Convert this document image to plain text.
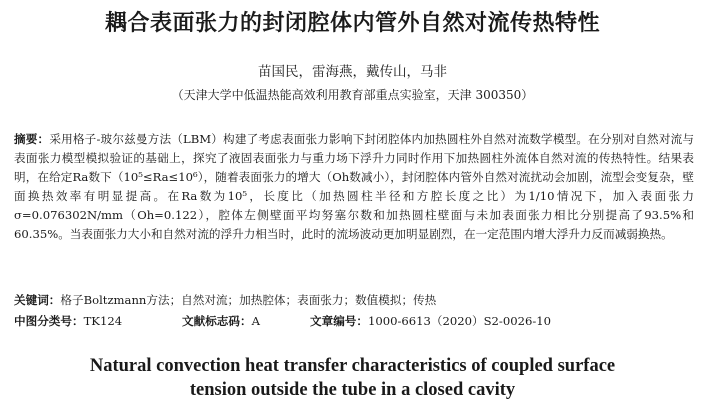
耦合表面张力的封闭腔体内管外自然对流传热特性
苗国民，雷海燕，戴传山，马非
（天津大学中低温热能高效利用教育部重点实验室，天津 300350）
摘要：采用格子-玻尔兹曼方法（LBM）构建了考虑表面张力影响下封闭腔体内加热圆柱外自然对流数学模型。在分别对自然对流与表面张力模型模拟验证的基础上，探究了液固表面张力与重力场下浮升力同时作用下加热圆柱外流体自然对流的传热特性。结果表明，在给定Ra数下（10⁵≤Ra≤10⁶），随着表面张力的增大（Oh数减小），封闭腔体内管外自然对流扰动会加剧，流型会变复杂，壁面换热效率有明显提高。在Ra数为10⁵，长度比（加热圆柱半径和方腔长度之比）为1/10情况下，加入表面张力σ=0.076302N/mm（Oh=0.122），腔体左侧壁面平均努塞尔数和加热圆柱壁面与未加表面张力相比分别提高了93.5%和60.35%。当表面张力大小和自然对流的浮升力相当时，此时的流场波动更加明显剧烈，在一定范围内增大浮升力反而减弱换热。
关键词：格子Boltzmann方法；自然对流；加热腔体；表面张力；数值模拟；传热
中图分类号：TK124	文献标志码：A	文章编号：1000-6613（2020）S2-0026-10
Natural convection heat transfer characteristics of coupled surface
tension outside the tube in a closed cavity
